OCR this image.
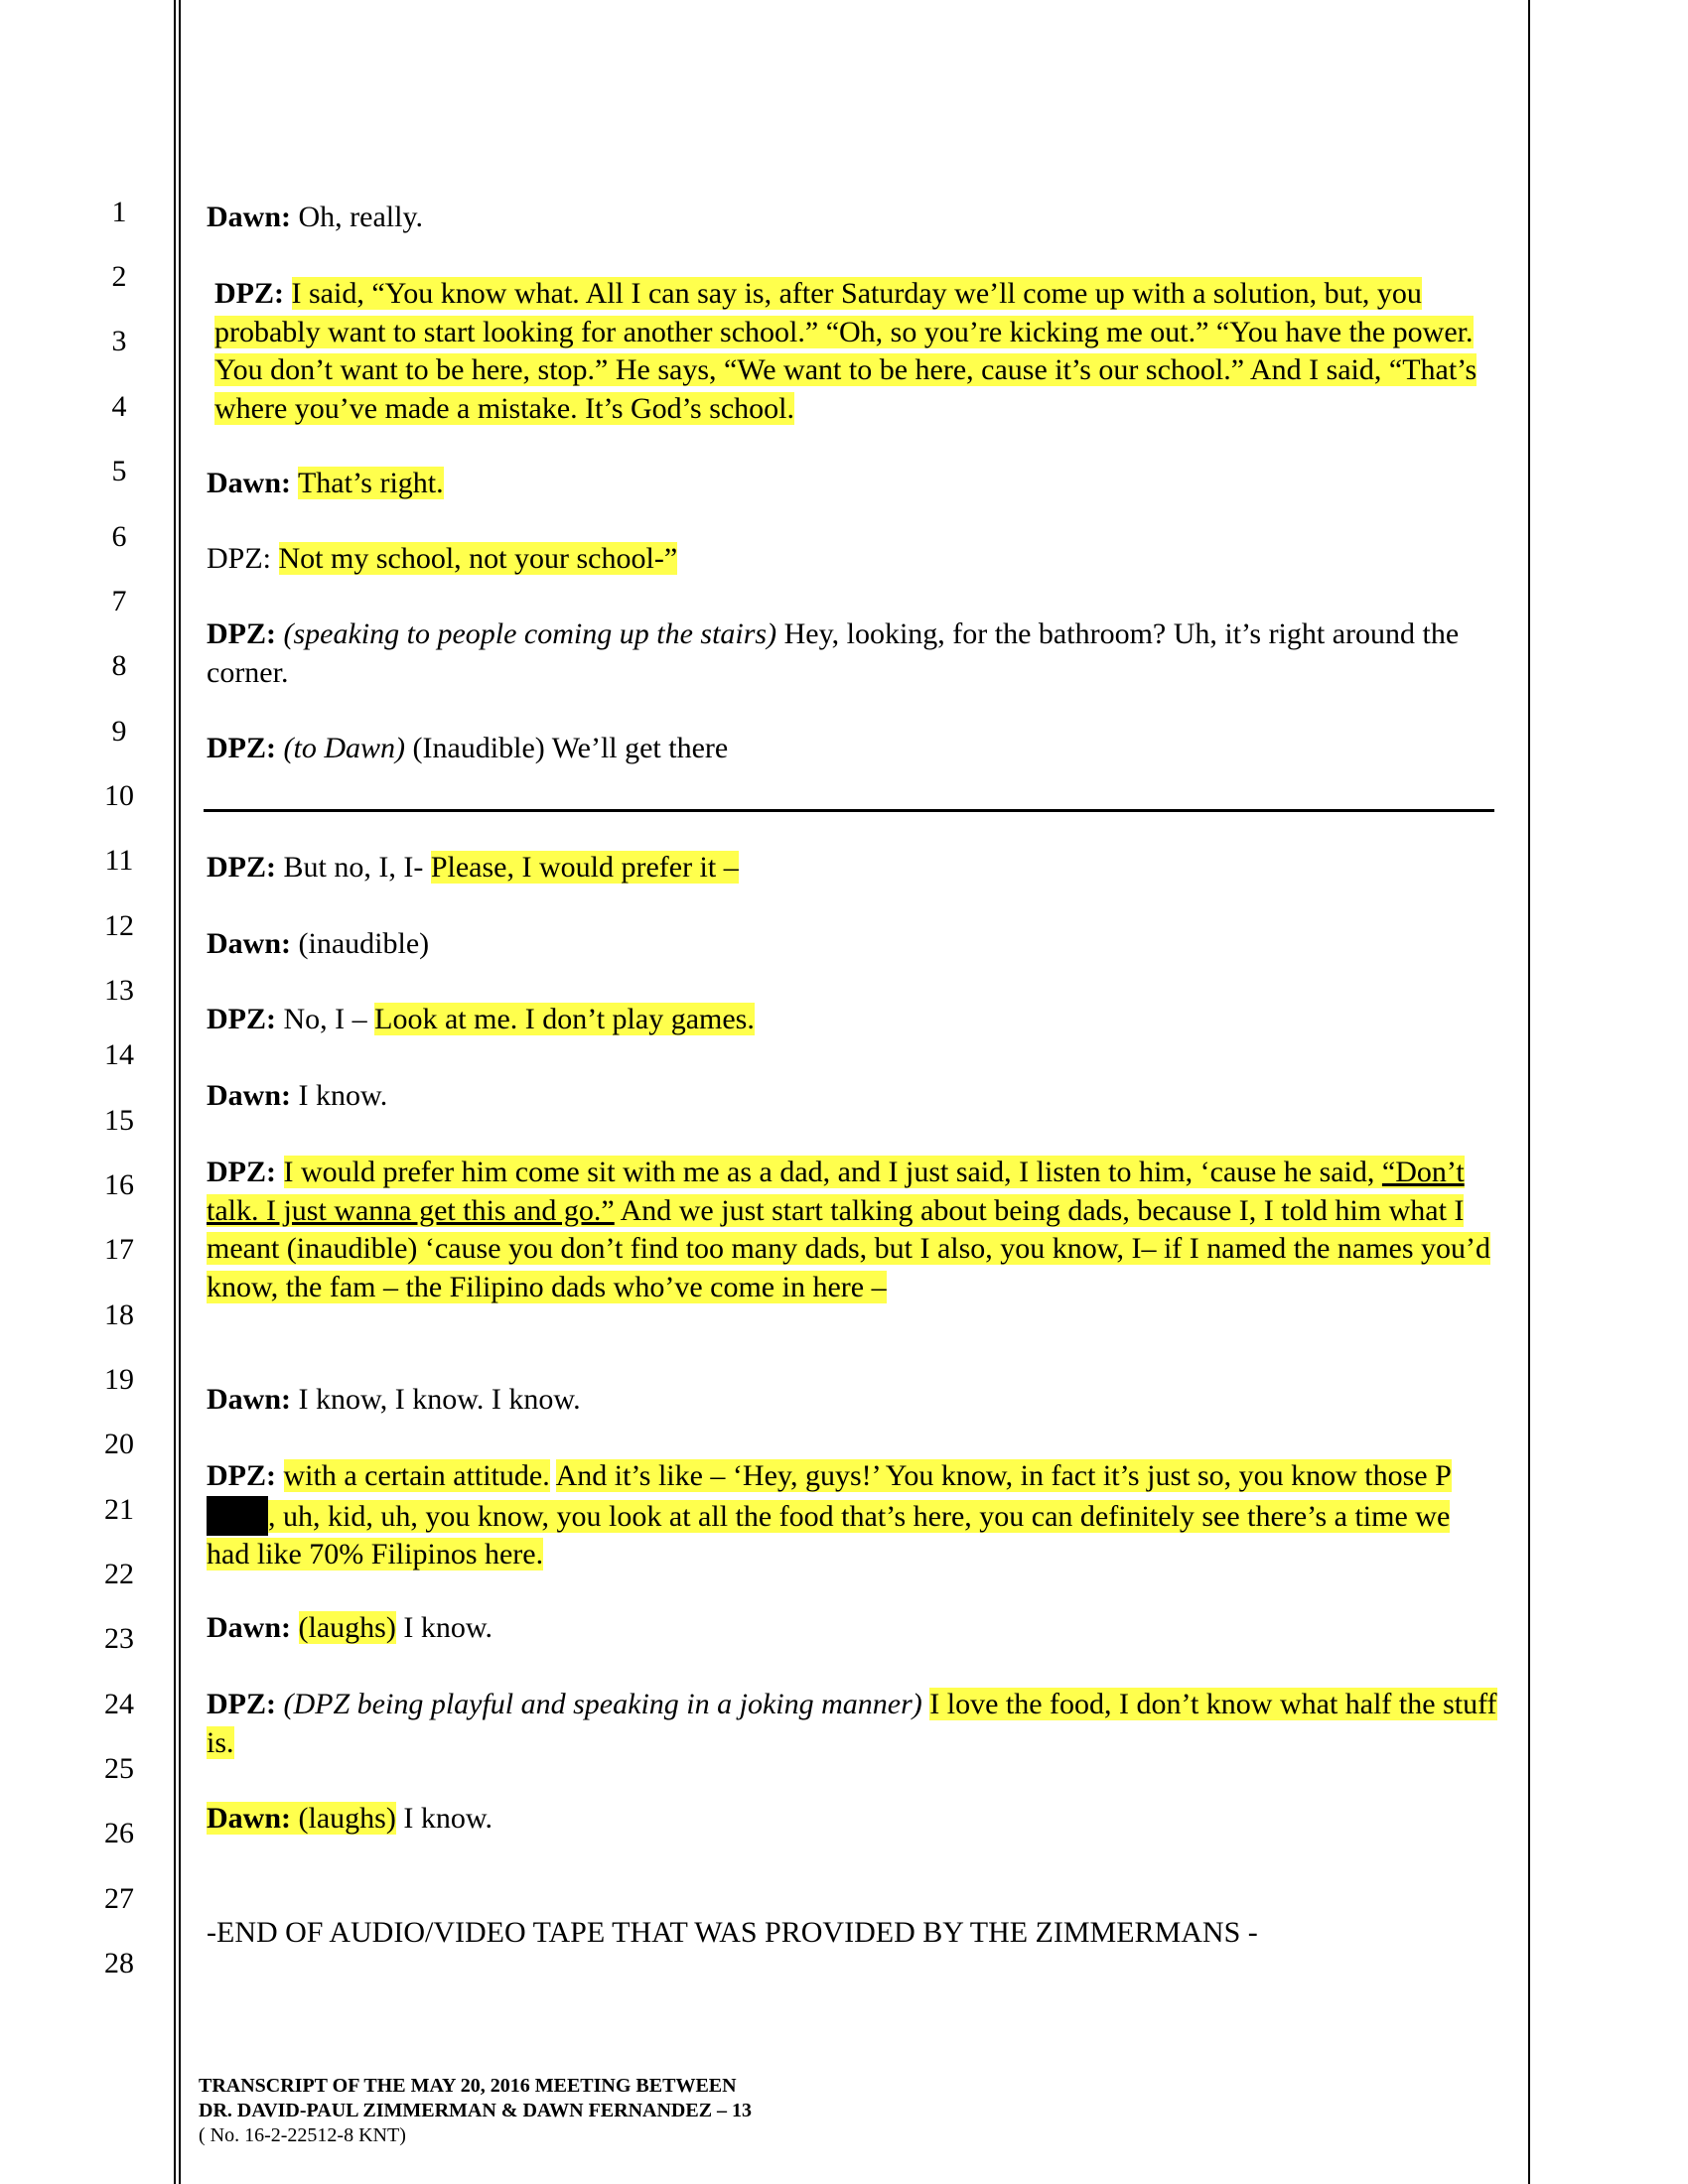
1
2
3
4
5
6
7
8
9
10
11
12
13
14
15
16
17
18
19
20
21
22
23
24
25
26
27
28
Dawn: Oh, really.
DPZ: I said, “You know what. All I can say is, after Saturday we’ll come up with a solution, but, you probably want to start looking for another school.” “Oh, so you’re kicking me out.” “You have the power. You don’t want to be here, stop.” He says, “We want to be here, cause it’s our school.” And I said, “That’s where you’ve made a mistake. It’s God’s school.
Dawn: That’s right.
DPZ: Not my school, not your school-”
DPZ: (speaking to people coming up the stairs) Hey, looking, for the bathroom? Uh, it’s right around the corner.
DPZ: (to Dawn) (Inaudible) We’ll get there
DPZ: But no, I, I- Please, I would prefer it –
Dawn: (inaudible)
DPZ: No, I – Look at me. I don’t play games.
Dawn: I know.
DPZ: I would prefer him come sit with me as a dad, and I just said, I listen to him, ‘cause he said, “Don’t talk. I just wanna get this and go.” And we just start talking about being dads, because I, I told him what I meant (inaudible) ‘cause you don’t find too many dads, but I also, you know, I– if I named the names you’d know, the fam – the Filipino dads who’ve come in here –
Dawn: I know, I know. I know.
DPZ: with a certain attitude. And it’s like – ‘Hey, guys!’ You know, in fact it’s just so, you know those P, uh, kid, uh, you know, you look at all the food that’s here, you can definitely see there’s a time we had like 70% Filipinos here.
Dawn: (laughs) I know.
DPZ: (DPZ being playful and speaking in a joking manner) I love the food, I don’t know what half the stuff is.
Dawn: (laughs) I know.
-END OF AUDIO/VIDEO TAPE THAT WAS PROVIDED BY THE ZIMMERMANS -
TRANSCRIPT OF THE MAY 20, 2016 MEETING BETWEEN
DR. DAVID-PAUL ZIMMERMAN & DAWN FERNANDEZ – 13
( No. 16-2-22512-8 KNT)
